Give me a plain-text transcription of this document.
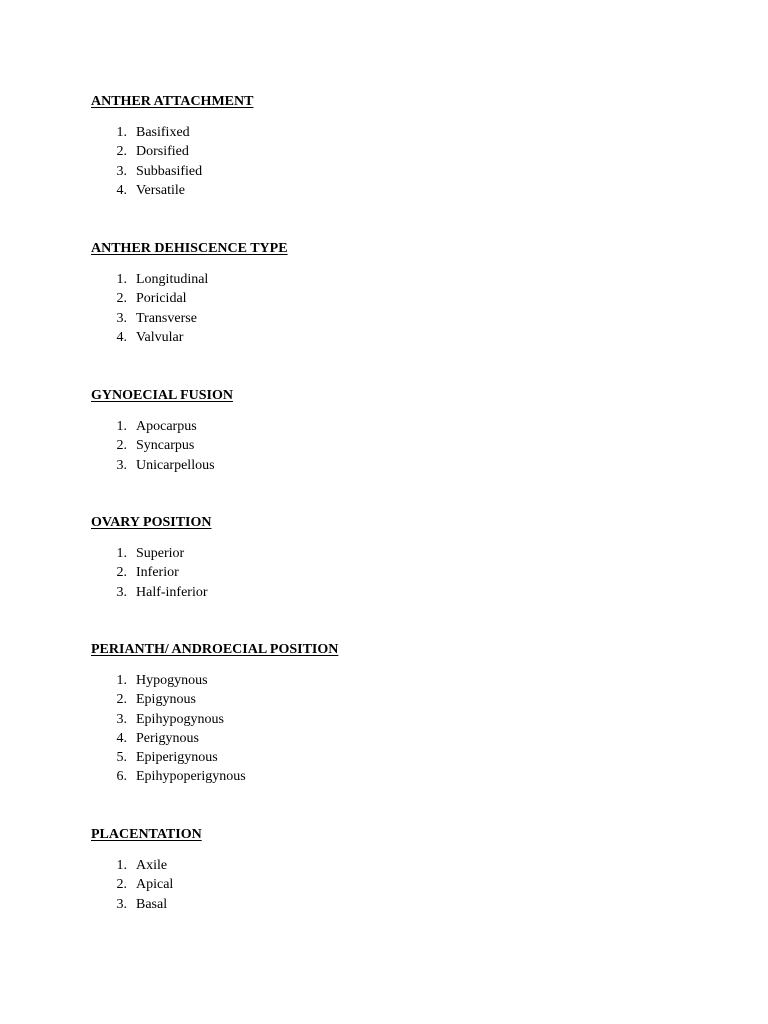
ANTHER ATTACHMENT
1. Basifixed
2. Dorsified
3. Subbasified
4. Versatile
ANTHER DEHISCENCE TYPE
1. Longitudinal
2. Poricidal
3. Transverse
4. Valvular
GYNOECIAL FUSION
1. Apocarpus
2. Syncarpus
3. Unicarpellous
OVARY POSITION
1. Superior
2. Inferior
3. Half-inferior
PERIANTH/ ANDROECIAL POSITION
1. Hypogynous
2. Epigynous
3. Epihypogynous
4. Perigynous
5. Epiperigynous
6. Epihypoperigynous
PLACENTATION
1. Axile
2. Apical
3. Basal
